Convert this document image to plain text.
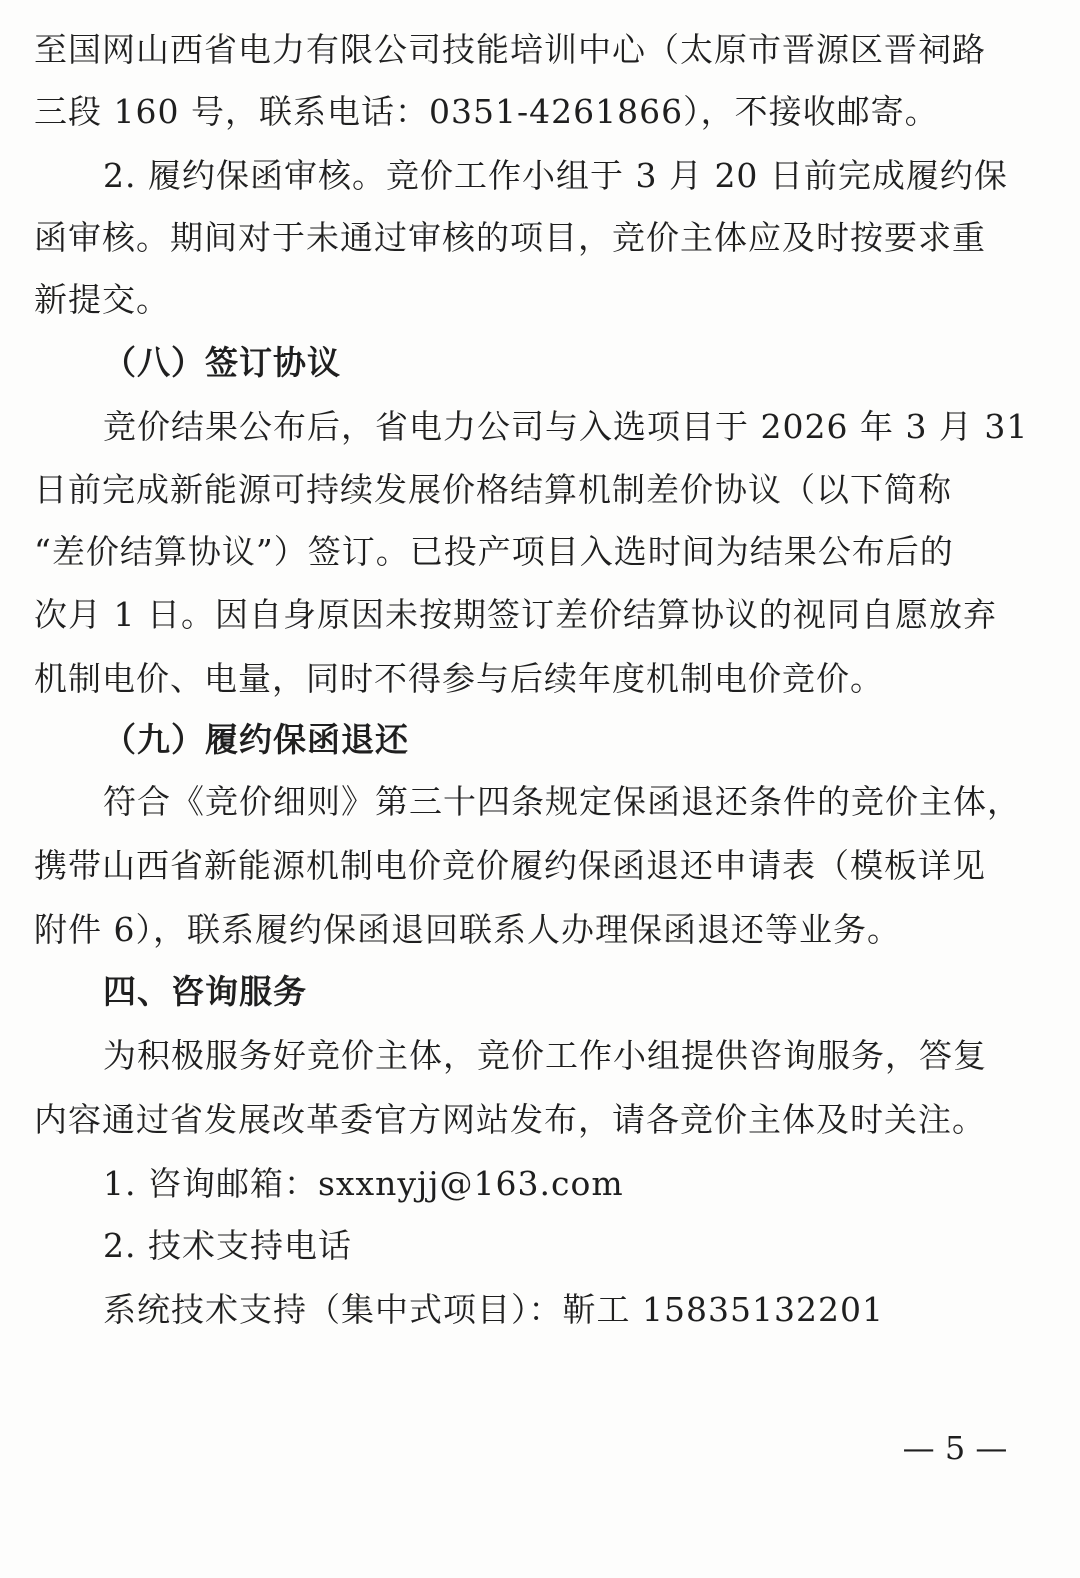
至国网山西省电力有限公司技能培训中心（太原市晋源区晋祠路
三段 160 号，联系电话：0351-4261866），不接收邮寄。
2. 履约保函审核。竞价工作小组于 3 月 20 日前完成履约保
函审核。期间对于未通过审核的项目，竞价主体应及时按要求重
新提交。
（八）签订协议
竞价结果公布后，省电力公司与入选项目于 2026 年 3 月 31
日前完成新能源可持续发展价格结算机制差价协议（以下简称
“差价结算协议”）签订。已投产项目入选时间为结果公布后的
次月 1 日。因自身原因未按期签订差价结算协议的视同自愿放弃
机制电价、电量，同时不得参与后续年度机制电价竞价。
（九）履约保函退还
符合《竞价细则》第三十四条规定保函退还条件的竞价主体，
携带山西省新能源机制电价竞价履约保函退还申请表（模板详见
附件 6），联系履约保函退回联系人办理保函退还等业务。
四、咨询服务
为积极服务好竞价主体，竞价工作小组提供咨询服务，答复
内容通过省发展改革委官方网站发布，请各竞价主体及时关注。
1. 咨询邮箱：sxxnyjj@163.com
2. 技术支持电话
系统技术支持（集中式项目）：靳工 15835132201
— 5 —
